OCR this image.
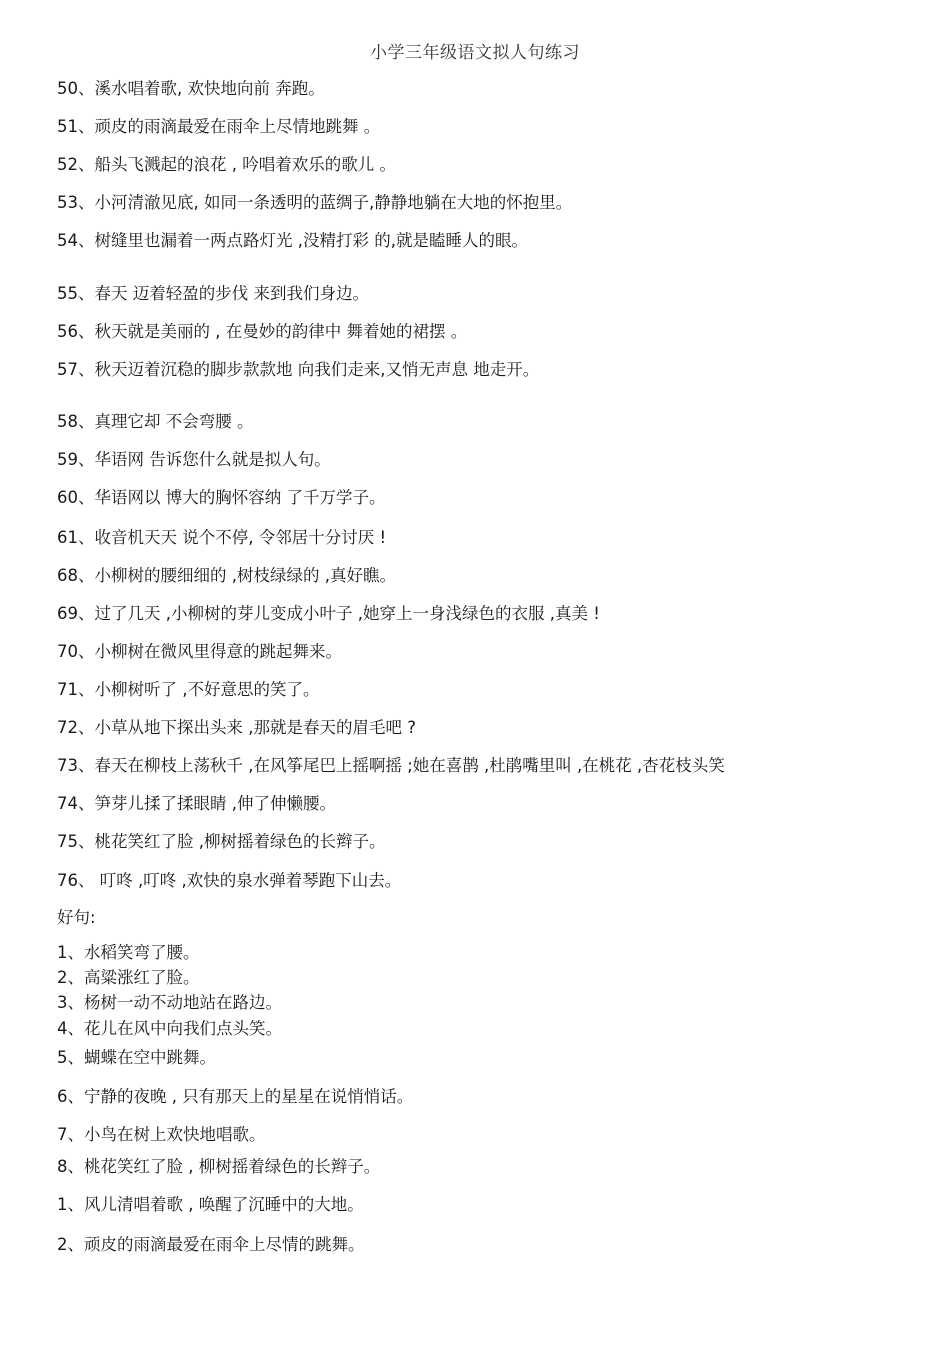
小学三年级语文拟人句练习
50、溪水唱着歌, 欢快地向前 奔跑。
51、顽皮的雨滴最爱在雨伞上尽情地跳舞 。
52、船头飞溅起的浪花 , 吟唱着欢乐的歌儿 。
53、小河清澈见底, 如同一条透明的蓝绸子,静静地躺在大地的怀抱里。
54、树缝里也漏着一两点路灯光 ,没精打彩 的,就是瞌睡人的眼。
55、春天 迈着轻盈的步伐 来到我们身边。
56、秋天就是美丽的 , 在曼妙的韵律中 舞着她的裙摆 。
57、秋天迈着沉稳的脚步款款地 向我们走来,又悄无声息 地走开。
58、真理它却 不会弯腰 。
59、华语网 告诉您什么就是拟人句。
60、华语网以 博大的胸怀容纳 了千万学子。
61、收音机天天 说个不停, 令邻居十分讨厌 !
68、小柳树的腰细细的 ,树枝绿绿的 ,真好瞧。
69、过了几天 ,小柳树的芽儿变成小叶子 ,她穿上一身浅绿色的衣服 ,真美 !
70、小柳树在微风里得意的跳起舞来。
71、小柳树听了 ,不好意思的笑了。
72、小草从地下探出头来 ,那就是春天的眉毛吧 ?
73、春天在柳枝上荡秋千 ,在风筝尾巴上摇啊摇 ;她在喜鹊 ,杜鹃嘴里叫 ,在桃花 ,杏花枝头笑
74、笋芽儿揉了揉眼睛 ,伸了伸懒腰。
75、桃花笑红了脸 ,柳树摇着绿色的长辫子。
76、 叮咚 ,叮咚 ,欢快的泉水弹着琴跑下山去。
好句:
1、水稻笑弯了腰。
2、高粱涨红了脸。
3、杨树一动不动地站在路边。
4、花儿在风中向我们点头笑。
5、蝴蝶在空中跳舞。
6、宁静的夜晚 , 只有那天上的星星在说悄悄话。
7、小鸟在树上欢快地唱歌。
8、桃花笑红了脸 , 柳树摇着绿色的长辫子。
1、风儿清唱着歌 , 唤醒了沉睡中的大地。
2、顽皮的雨滴最爱在雨伞上尽情的跳舞。
